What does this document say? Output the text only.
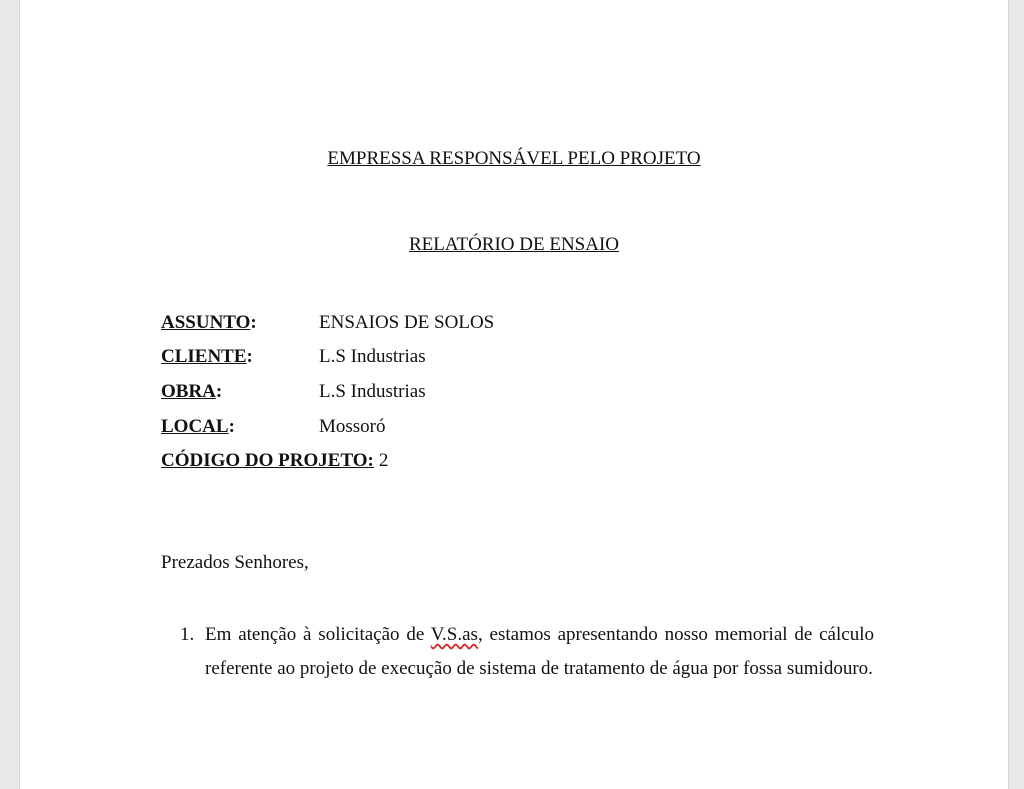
EMPRESSA RESPONSÁVEL PELO PROJETO
RELATÓRIO DE ENSAIO
ASSUNTO:	ENSAIOS DE SOLOS
CLIENTE:	L.S Industrias
OBRA:	L.S Industrias
LOCAL:	Mossoró
CÓDIGO DO PROJETO: 2
Prezados Senhores,
1. Em atenção à solicitação de V.S.as, estamos apresentando nosso memorial de cálculo referente ao projeto de execução de sistema de tratamento de água por fossa sumidouro.
